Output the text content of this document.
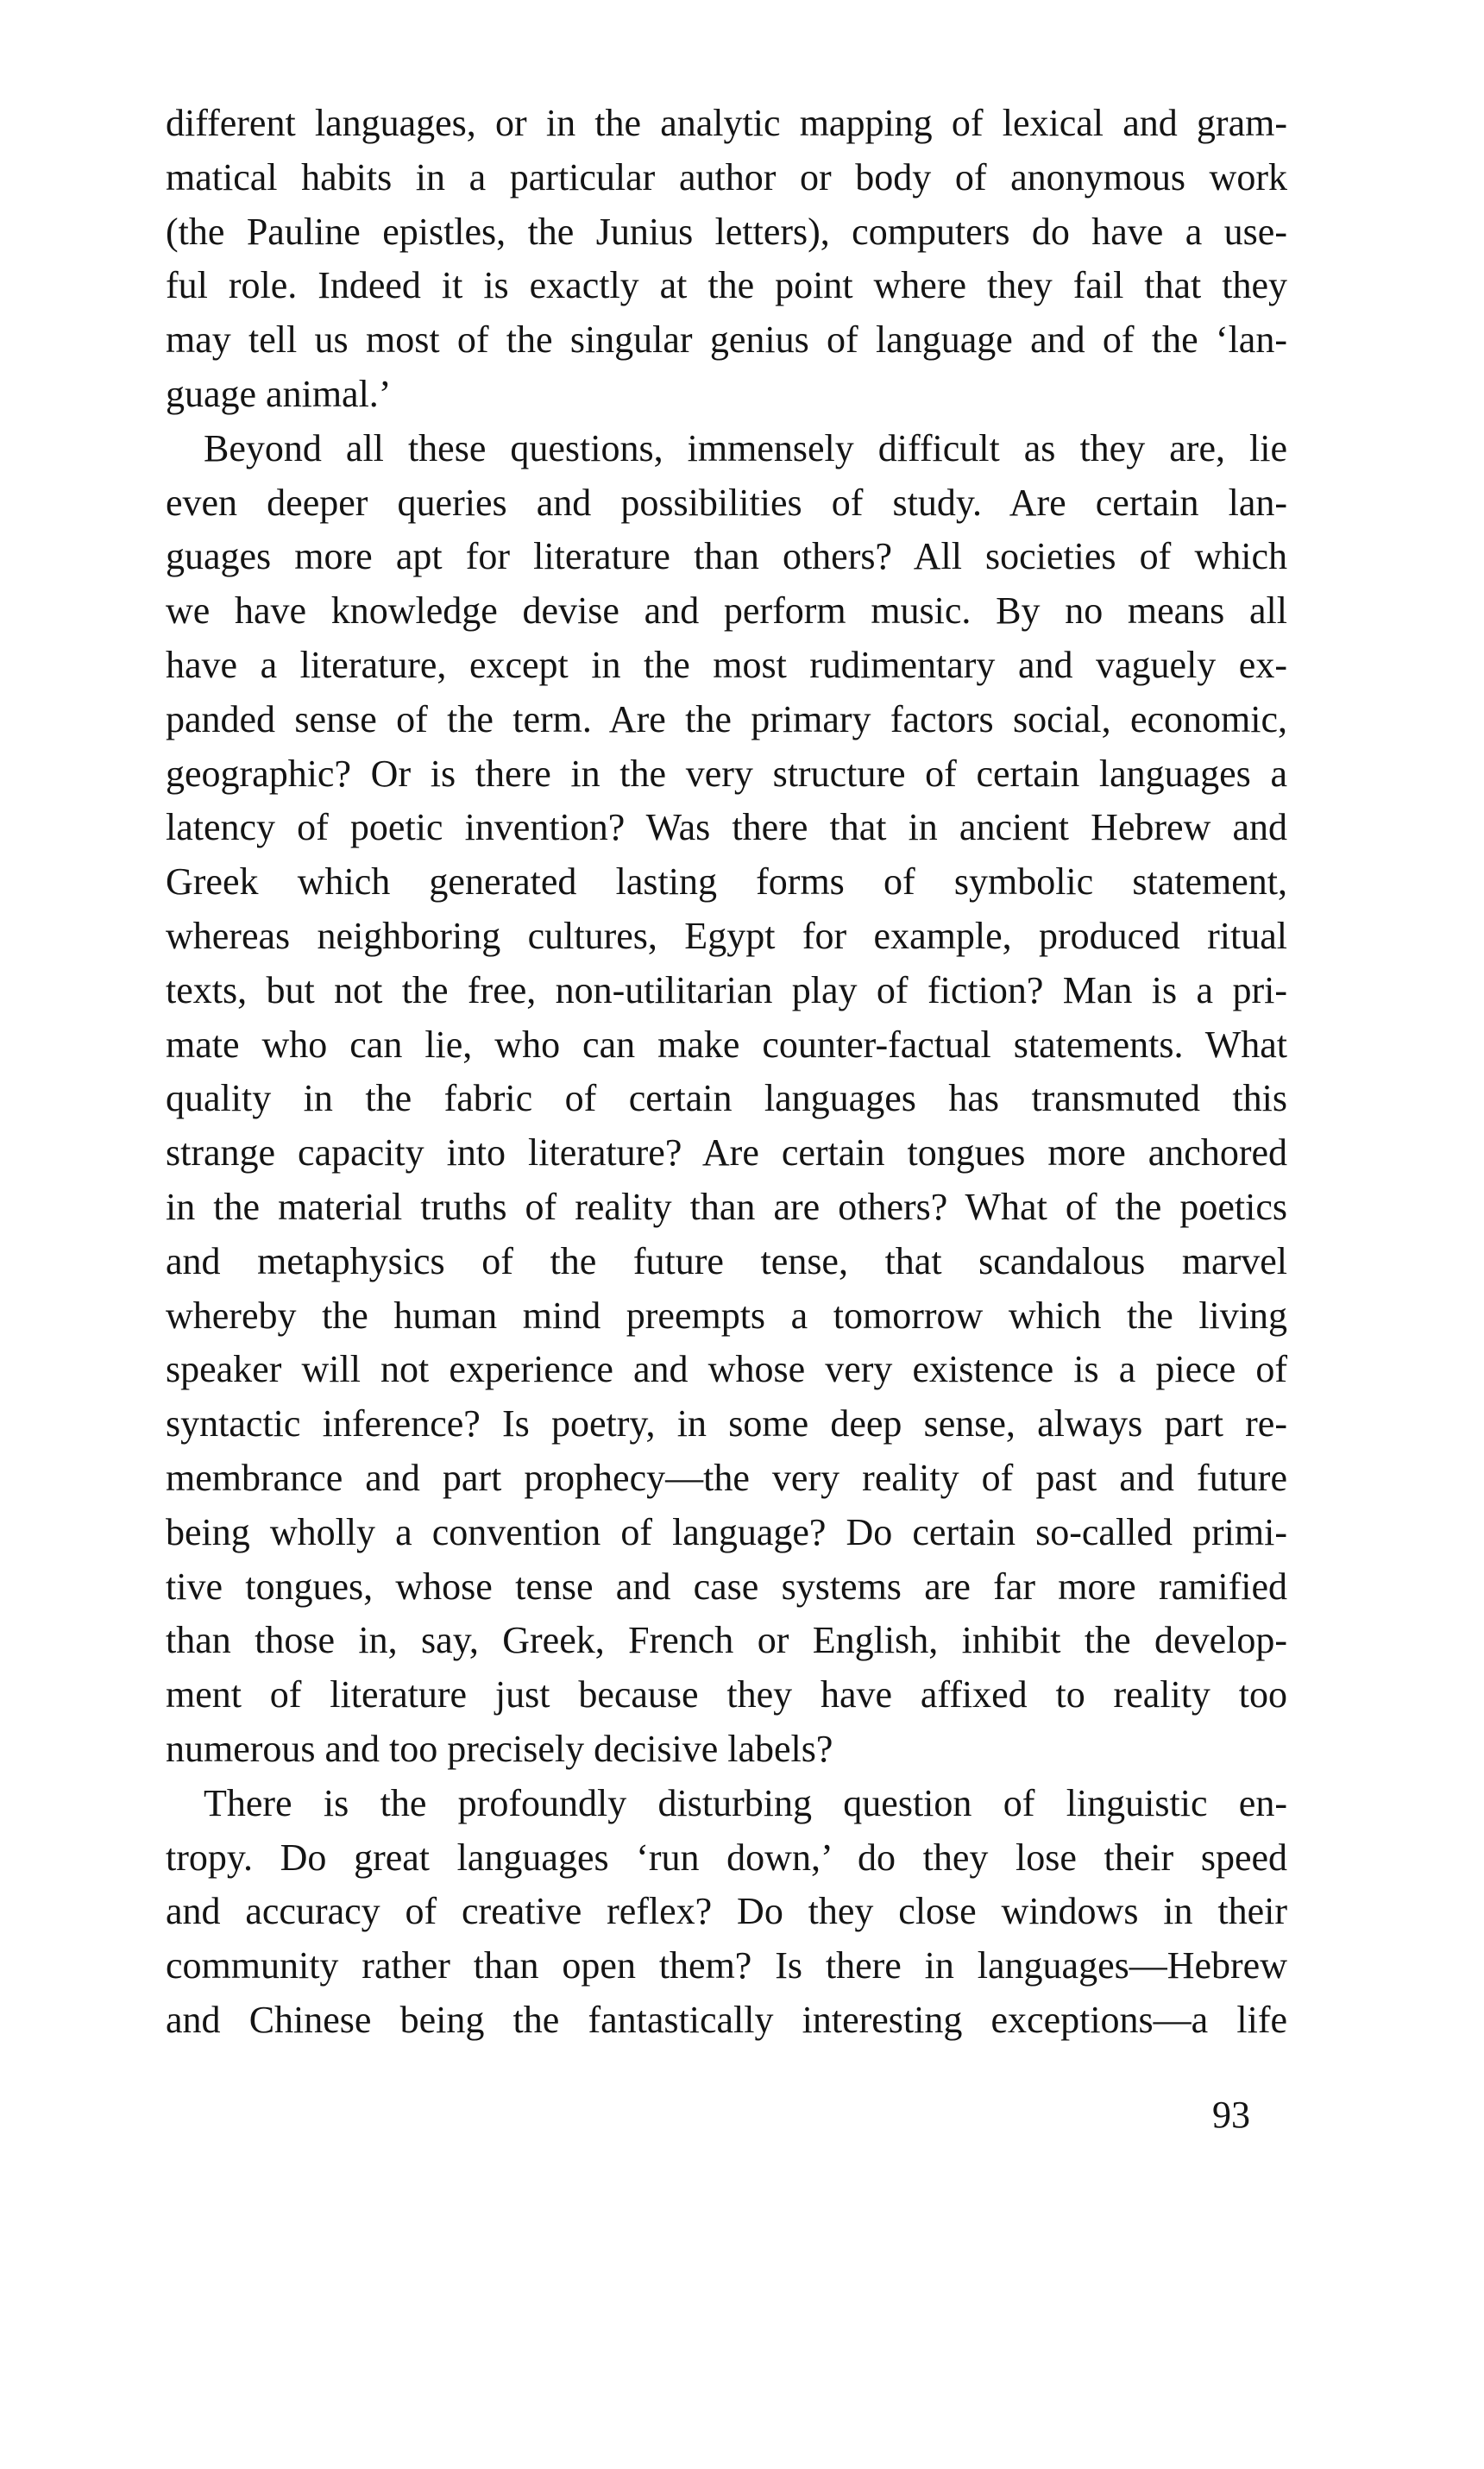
different languages, or in the analytic mapping of lexical and gram-
matical habits in a particular author or body of anonymous work
(the Pauline epistles, the Junius letters), computers do have a use-
ful role. Indeed it is exactly at the point where they fail that they
may tell us most of the singular genius of language and of the ‘lan-
guage animal.’

Beyond all these questions, immensely difficult as they are, lie
even deeper queries and possibilities of study. Are certain lan-
guages more apt for literature than others? All societies of which
we have knowledge devise and perform music. By no means all
have a literature, except in the most rudimentary and vaguely ex-
panded sense of the term. Are the primary factors social, economic,
geographic? Or is there in the very structure of certain languages a
latency of poetic invention? Was there that in ancient Hebrew and
Greek which generated lasting forms of symbolic statement,
whereas neighboring cultures, Egypt for example, produced ritual
texts, but not the free, non-utilitarian play of fiction? Man is a pri-
mate who can lie, who can make counter-factual statements. What
quality in the fabric of certain languages has transmuted this
strange capacity into literature? Are certain tongues more anchored
in the material truths of reality than are others? What of the poetics
and metaphysics of the future tense, that scandalous marvel
whereby the human mind preempts a tomorrow which the living
speaker will not experience and whose very existence is a piece of
syntactic inference? Is poetry, in some deep sense, always part re-
membrance and part prophecy—the very reality of past and future
being wholly a convention of language? Do certain so-called primi-
tive tongues, whose tense and case systems are far more ramified
than those in, say, Greek, French or English, inhibit the develop-
ment of literature just because they have affixed to reality too
numerous and too precisely decisive labels?

There is the profoundly disturbing question of linguistic en-
tropy. Do great languages ‘run down,’ do they lose their speed
and accuracy of creative reflex? Do they close windows in their
community rather than open them? Is there in languages—Hebrew
and Chinese being the fantastically interesting exceptions—a life

93
